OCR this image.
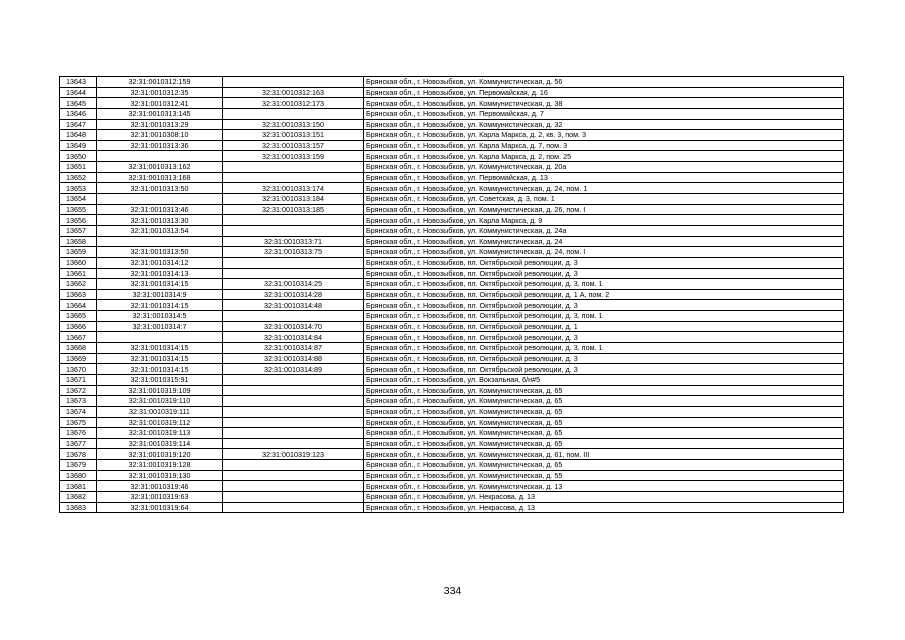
13643	32:31:0010312:159		Брянская обл., г. Новозыбков, ул. Коммунистическая, д. 56
13644	32:31:0010312:35	32:31:0010312:163	Брянская обл., г. Новозыбков, ул. Первомайская, д. 16
13645	32:31:0010312:41	32:31:0010312:173	Брянская обл., г. Новозыбков, ул. Коммунистическая, д. 38
13646	32:31:0010313:145		Брянская обл., г. Новозыбков, ул. Первомайская, д. 7
13647	32:31:0010313:29	32:31:0010313:150	Брянская обл., г. Новозыбков, ул. Коммунистическая, д. 32
13648	32:31:0010308:10	32:31:0010313:151	Брянская обл., г. Новозыбков, ул. Карла Маркса, д. 2, кв. 3, пом. 3
13649	32:31:0010313:36	32:31:0010313:157	Брянская обл., г. Новозыбков, ул. Карла Маркса, д. 7, пом. 3
13650		32:31:0010313:159	Брянская обл., г. Новозыбков, ул. Карла Маркса, д. 2, пом. 25
13651	32:31:0010313:162		Брянская обл., г. Новозыбков, ул. Коммунистическая, д. 20а
13652	32:31:0010313:168		Брянская обл., г. Новозыбков, ул. Первомайская, д. 13
13653	32:31:0010313:50	32:31:0010313:174	Брянская обл., г. Новозыбков, ул. Коммунистическая, д. 24, пом. 1
13654		32:31:0010313:184	Брянская обл., г. Новозыбков, ул. Советская, д. 3, пом. 1
13655	32:31:0010313:46	32:31:0010313:185	Брянская обл., г. Новозыбков, ул. Коммунистическая, д. 26, пом. I
13656	32:31:0010313:30		Брянская обл., г. Новозыбков, ул. Карла Маркса, д. 9
13657	32:31:0010313:54		Брянская обл., г. Новозыбков, ул. Коммунистическая, д. 24а
13658		32:31:0010313:71	Брянская обл., г. Новозыбков, ул. Коммунистическая, д. 24
13659	32:31:0010313:50	32:31:0010313:75	Брянская обл., г. Новозыбков, ул. Коммунистическая, д. 24, пом. I
13660	32:31:0010314:12		Брянская обл., г. Новозыбков, пл. Октябрьской революции, д. 3
13661	32:31:0010314:13		Брянская обл., г. Новозыбков, пл. Октябрьской революции, д. 3
13662	32:31:0010314:15	32:31:0010314:25	Брянская обл., г. Новозыбков, пл. Октябрьской революции, д. 3, пом. 1
13663	32:31:0010314:9	32:31:0010314:28	Брянская обл., г. Новозыбков, пл. Октябрьской революции, д. 1 А, пом. 2
13664	32:31:0010314:15	32:31:0010314:48	Брянская обл., г. Новозыбков, пл. Октябрьской революции, д. 3
13665	32:31:0010314:5		Брянская обл., г. Новозыбков, пл. Октябрьской революции, д. 3, пом. 1
13666	32:31:0010314:7	32:31:0010314:70	Брянская обл., г. Новозыбков, пл. Октябрьской революции, д. 1
13667		32:31:0010314:84	Брянская обл., г. Новозыбков, пл. Октябрьской революции, д. 3
13668	32:31:0010314:15	32:31:0010314:87	Брянская обл., г. Новозыбков, пл. Октябрьской революции, д. 3, пом. 1
13669	32:31:0010314:15	32:31:0010314:88	Брянская обл., г. Новозыбков, пл. Октябрьской революции, д. 3
13670	32:31:0010314:15	32:31:0010314:89	Брянская обл., г. Новозыбков, пл. Октябрьской революции, д. 3
13671	32:31:0010315:91		Брянская обл., г. Новозыбков, ул. Вокзальная, 6/н#5
13672	32:31:0010319:109		Брянская обл., г. Новозыбков, ул. Коммунистическая, д. 65
13673	32:31:0010319:110		Брянская обл., г. Новозыбков, ул. Коммунистическая, д. 65
13674	32:31:0010319:111		Брянская обл., г. Новозыбков, ул. Коммунистическая, д. 65
13675	32:31:0010319:112		Брянская обл., г. Новозыбков, ул. Коммунистическая, д. 65
13676	32:31:0010319:113		Брянская обл., г. Новозыбков, ул. Коммунистическая, д. 65
13677	32:31:0010319:114		Брянская обл., г. Новозыбков, ул. Коммунистическая, д. 65
13678	32:31:0010319:120	32:31:0010319:123	Брянская обл., г. Новозыбков, ул. Коммунистическая, д. 61, пом. III
13679	32:31:0010319:128		Брянская обл., г. Новозыбков, ул. Коммунистическая, д. 65
13680	32:31:0010319:130		Брянская обл., г. Новозыбков, ул. Коммунистическая, д. 55
13681	32:31:0010319:46		Брянская обл., г. Новозыбков, ул. Коммунистическая, д. 13
13682	32:31:0010319:63		Брянская обл., г. Новозыбков, ул. Некрасова, д. 13
13683	32:31:0010319:64		Брянская обл., г. Новозыбков, ул. Некрасова, д. 13
334
